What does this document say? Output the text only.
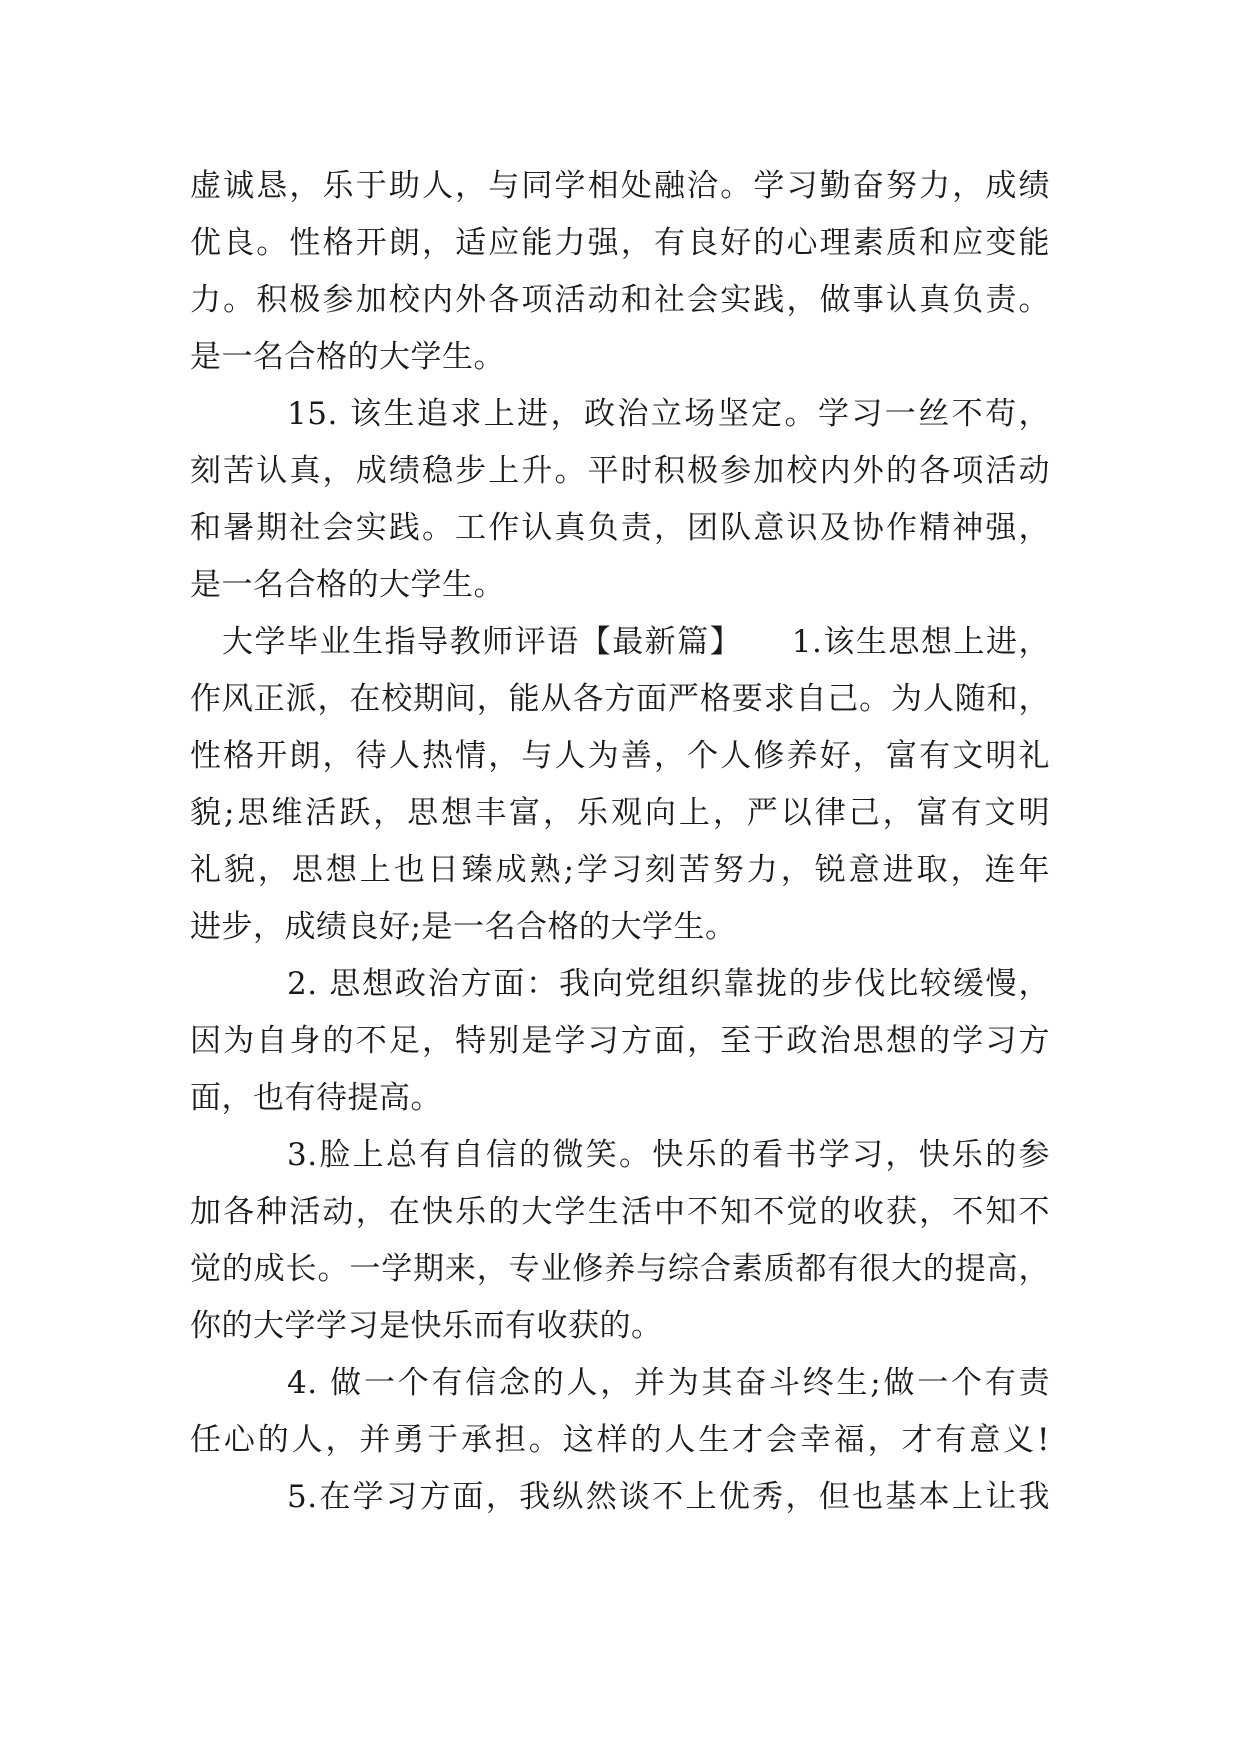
虚诚恳，乐于助人，与同学相处融洽。学习勤奋努力，成绩
优良。性格开朗，适应能力强，有良好的心理素质和应变能
力。积极参加校内外各项活动和社会实践，做事认真负责。
是一名合格的大学生。
15. 该生追求上进，政治立场坚定。学习一丝不苟，
刻苦认真，成绩稳步上升。平时积极参加校内外的各项活动
和暑期社会实践。工作认真负责，团队意识及协作精神强，
是一名合格的大学生。
大学毕业生指导教师评语【最新篇】　　1.该生思想上进，
作风正派，在校期间，能从各方面严格要求自己。为人随和，
性格开朗，待人热情，与人为善，个人修养好，富有文明礼
貌;思维活跃，思想丰富，乐观向上，严以律己，富有文明
礼貌，思想上也日臻成熟;学习刻苦努力，锐意进取，连年
进步，成绩良好;是一名合格的大学生。
2. 思想政治方面：我向党组织靠拢的步伐比较缓慢，
因为自身的不足，特别是学习方面，至于政治思想的学习方
面，也有待提高。
3.脸上总有自信的微笑。快乐的看书学习，快乐的参
加各种活动，在快乐的大学生活中不知不觉的收获，不知不
觉的成长。一学期来，专业修养与综合素质都有很大的提高，
你的大学学习是快乐而有收获的。
4. 做一个有信念的人，并为其奋斗终生;做一个有责
任心的人，并勇于承担。这样的人生才会幸福，才有意义!
5.在学习方面，我纵然谈不上优秀，但也基本上让我
